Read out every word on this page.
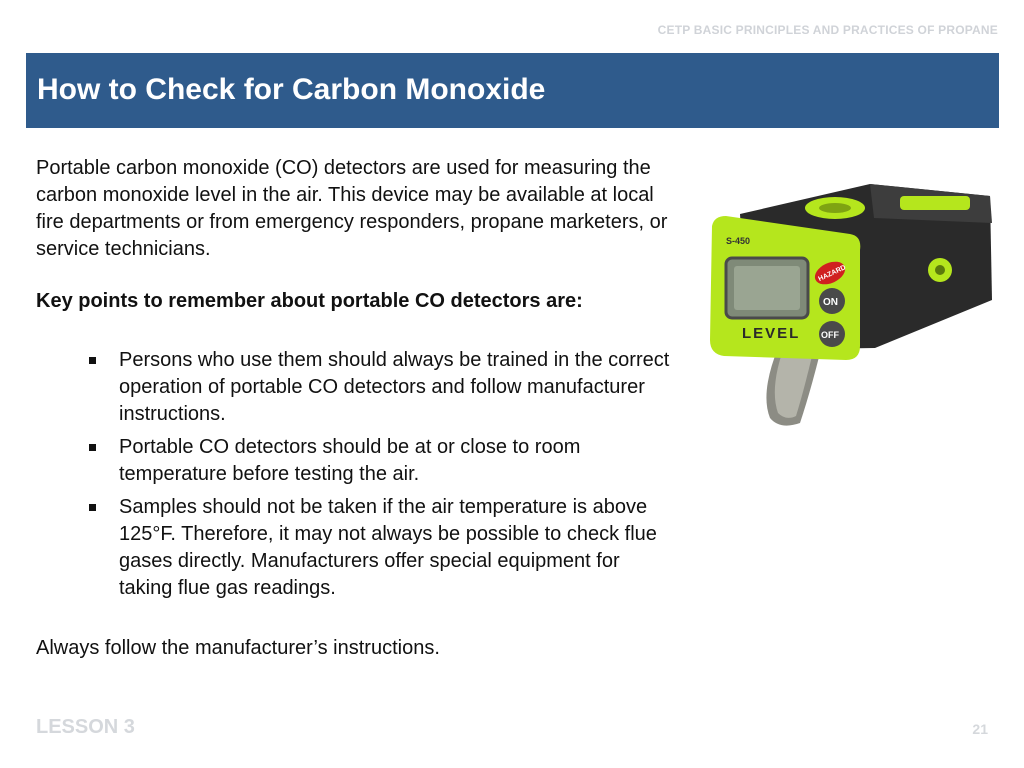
CETP BASIC PRINCIPLES AND PRACTICES OF PROPANE
How to Check for Carbon Monoxide

Portable carbon monoxide (CO) detectors are used for measuring the carbon monoxide level in the air. This device may be available at local fire departments or from emergency responders, propane marketers, or service technicians.

Key points to remember about portable CO detectors are:

Persons who use them should always be trained in the correct operation of portable CO detectors and follow manufacturer instructions.
Portable CO detectors should be at or close to room temperature before testing the air.
Samples should not be taken if the air temperature is above 125°F. Therefore, it may not always be possible to check flue gases directly. Manufacturers offer special equipment for taking flue gas readings.

Always follow the manufacturer’s instructions.

S-450
LEVEL
HAZARD
ON
OFF
LESSON 3	21
